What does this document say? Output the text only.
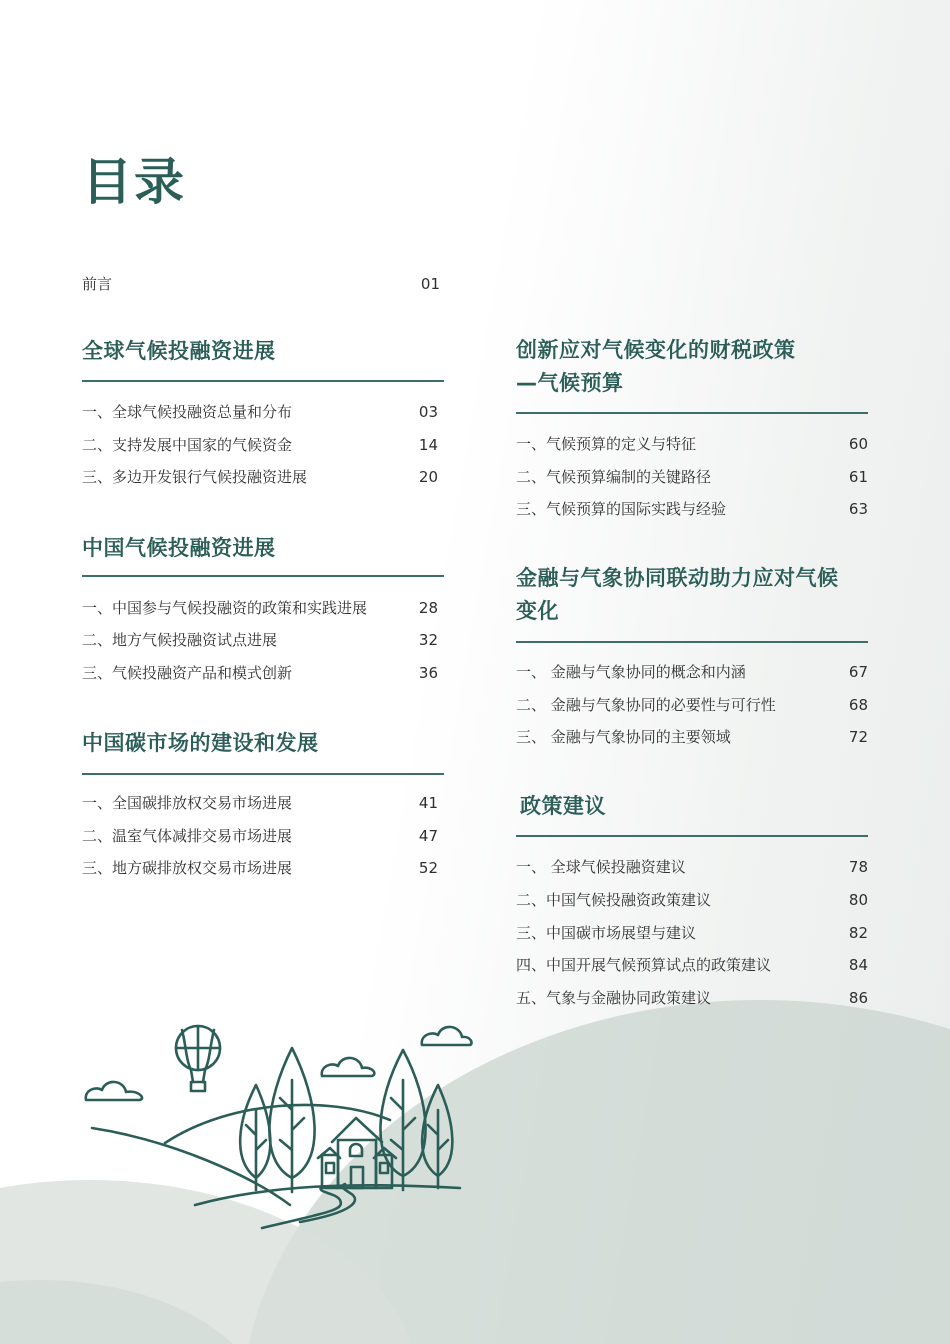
目录
前言	01
全球气候投融资进展
一、全球气候投融资总量和分布	03
二、支持发展中国家的气候资金	14
三、多边开发银行气候投融资进展	20
中国气候投融资进展
一、中国参与气候投融资的政策和实践进展	28
二、地方气候投融资试点进展	32
三、气候投融资产品和模式创新	36
中国碳市场的建设和发展
一、全国碳排放权交易市场进展	41
二、温室气体减排交易市场进展	47
三、地方碳排放权交易市场进展	52
创新应对气候变化的财税政策
—气候预算
一、气候预算的定义与特征	60
二、气候预算编制的关键路径	61
三、气候预算的国际实践与经验	63
金融与气象协同联动助力应对气候
变化
一、 金融与气象协同的概念和内涵	67
二、 金融与气象协同的必要性与可行性	68
三、 金融与气象协同的主要领域	72
政策建议
一、 全球气候投融资建议	78
二、中国气候投融资政策建议	80
三、中国碳市场展望与建议	82
四、中国开展气候预算试点的政策建议	84
五、气象与金融协同政策建议	86
